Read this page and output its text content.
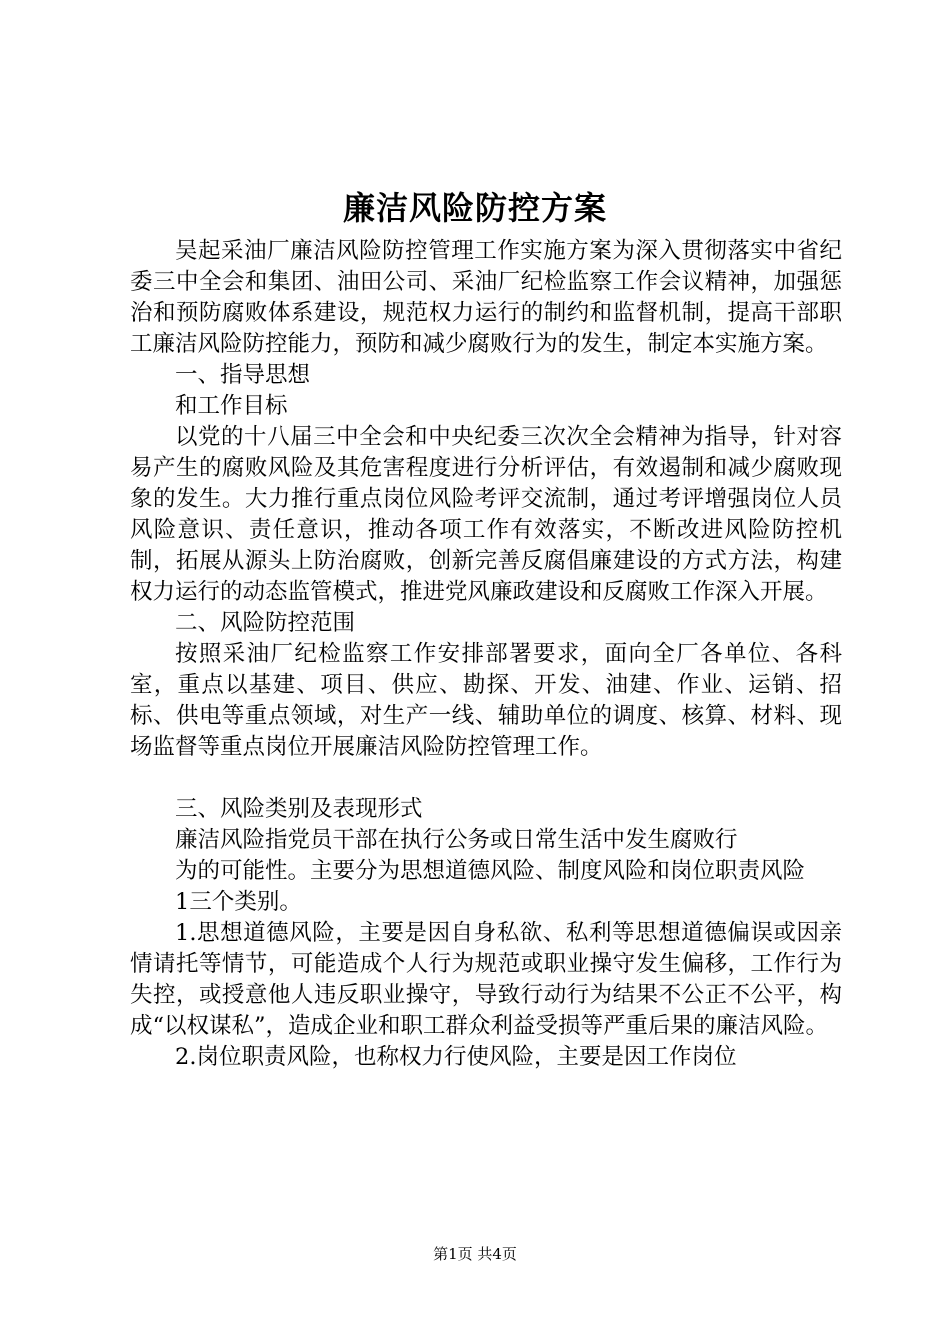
廉洁风险防控方案

吴起采油厂廉洁风险防控管理工作实施方案为深入贯彻落实中省纪委三中全会和集团、油田公司、采油厂纪检监察工作会议精神，加强惩治和预防腐败体系建设，规范权力运行的制约和监督机制，提高干部职工廉洁风险防控能力，预防和减少腐败行为的发生，制定本实施方案。

一、指导思想

和工作目标

以党的十八届三中全会和中央纪委三次次全会精神为指导，针对容易产生的腐败风险及其危害程度进行分析评估，有效遏制和减少腐败现象的发生。大力推行重点岗位风险考评交流制，通过考评增强岗位人员风险意识、责任意识，推动各项工作有效落实，不断改进风险防控机制，拓展从源头上防治腐败，创新完善反腐倡廉建设的方式方法，构建权力运行的动态监管模式，推进党风廉政建设和反腐败工作深入开展。

二、风险防控范围

按照采油厂纪检监察工作安排部署要求，面向全厂各单位、各科室，重点以基建、项目、供应、勘探、开发、油建、作业、运销、招标、供电等重点领域，对生产一线、辅助单位的调度、核算、材料、现场监督等重点岗位开展廉洁风险防控管理工作。

三、风险类别及表现形式

廉洁风险指党员干部在执行公务或日常生活中发生腐败行

为的可能性。主要分为思想道德风险、制度风险和岗位职责风险

1三个类别。

1.思想道德风险，主要是因自身私欲、私利等思想道德偏误或因亲情请托等情节，可能造成个人行为规范或职业操守发生偏移，工作行为失控，或授意他人违反职业操守，导致行动行为结果不公正不公平，构成“以权谋私”，造成企业和职工群众利益受损等严重后果的廉洁风险。

2.岗位职责风险，也称权力行使风险，主要是因工作岗位

第1页 共4页
